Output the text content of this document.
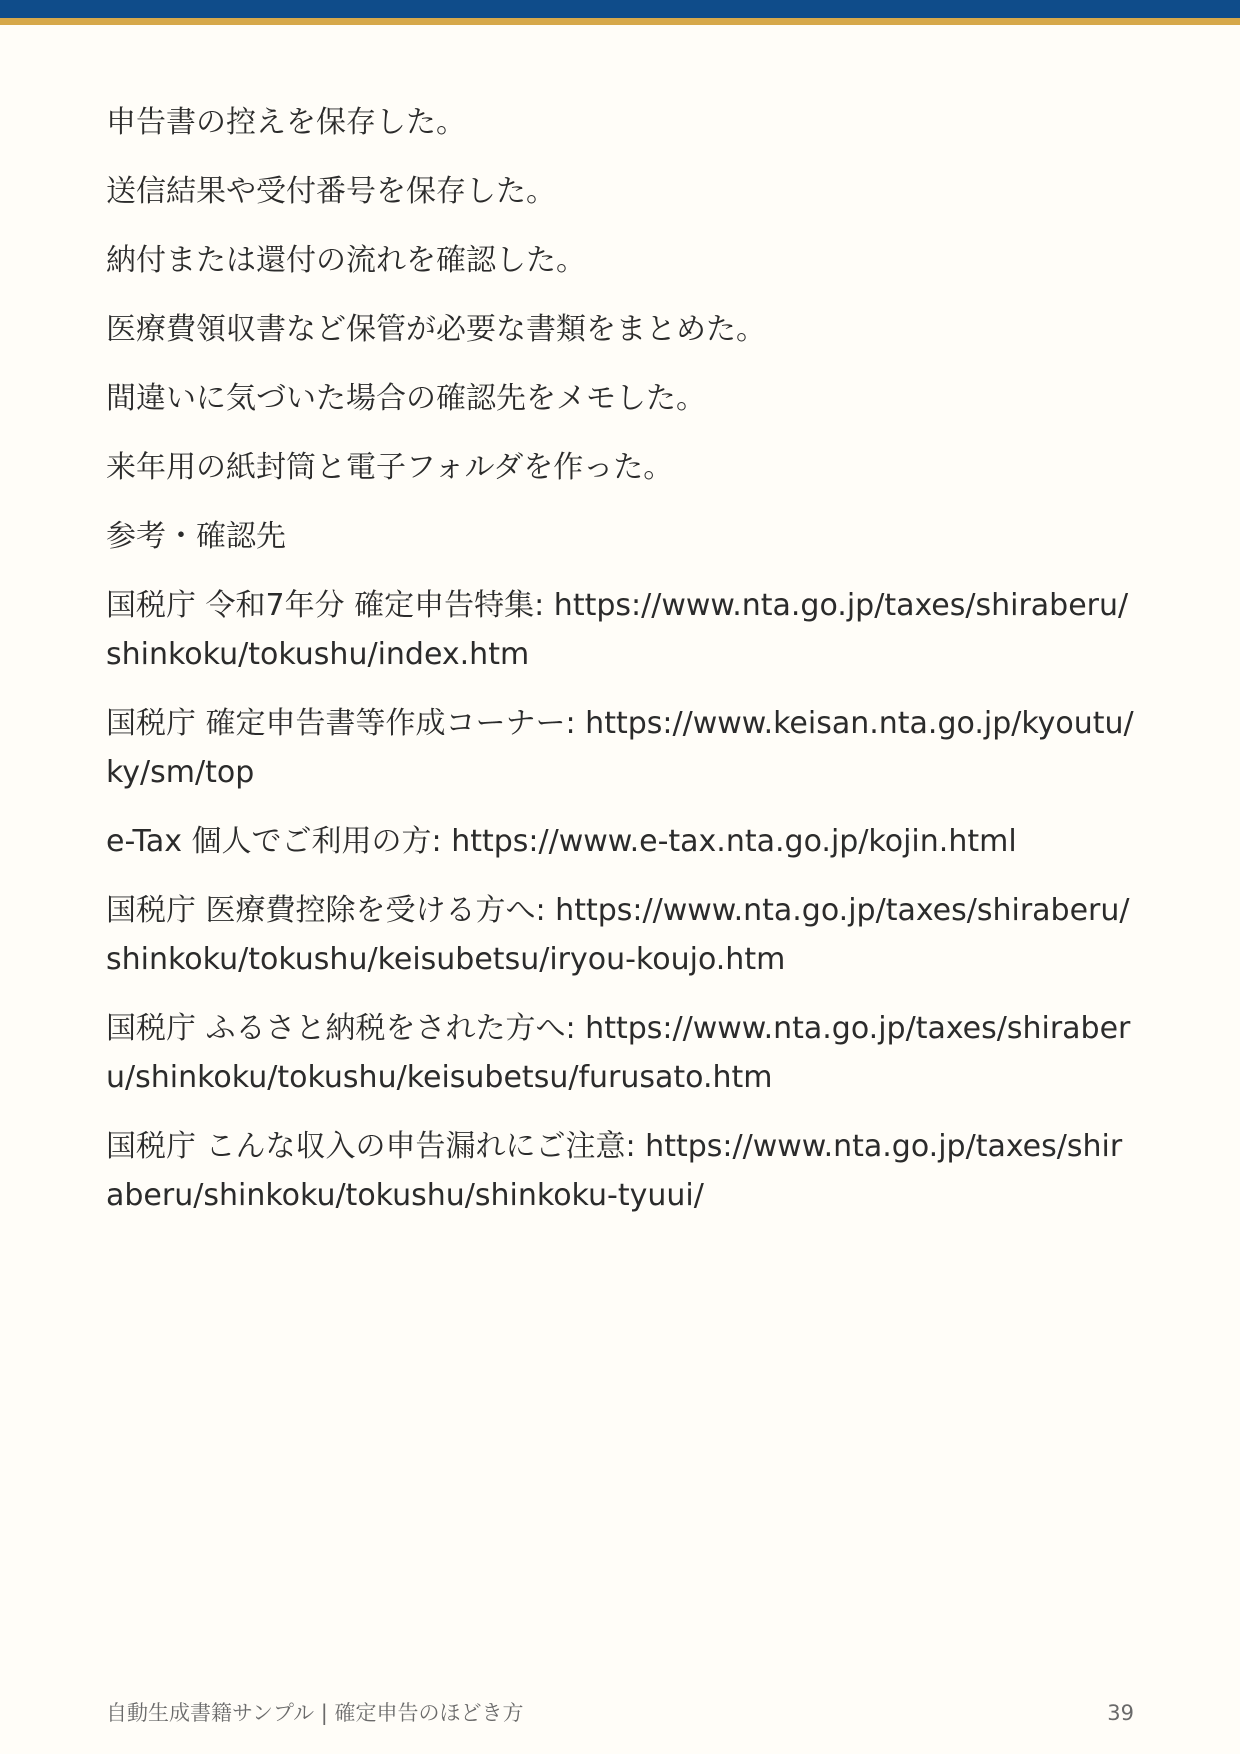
申告書の控えを保存した。

送信結果や受付番号を保存した。

納付または還付の流れを確認した。

医療費領収書など保管が必要な書類をまとめた。

間違いに気づいた場合の確認先をメモした。

来年用の紙封筒と電子フォルダを作った。

参考・確認先

国税庁 令和7年分 確定申告特集: https://www.nta.go.jp/taxes/shiraberu/shinkoku/tokushu/index.htm

国税庁 確定申告書等作成コーナー: https://www.keisan.nta.go.jp/kyoutu/ky/sm/top

e-Tax 個人でご利用の方: https://www.e-tax.nta.go.jp/kojin.html

国税庁 医療費控除を受ける方へ: https://www.nta.go.jp/taxes/shiraberu/shinkoku/tokushu/keisubetsu/iryou-koujo.htm

国税庁 ふるさと納税をされた方へ: https://www.nta.go.jp/taxes/shiraberu/shinkoku/tokushu/keisubetsu/furusato.htm

国税庁 こんな収入の申告漏れにご注意: https://www.nta.go.jp/taxes/shiraberu/shinkoku/tokushu/shinkoku-tyuui/

自動生成書籍サンプル | 確定申告のほどき方	39
